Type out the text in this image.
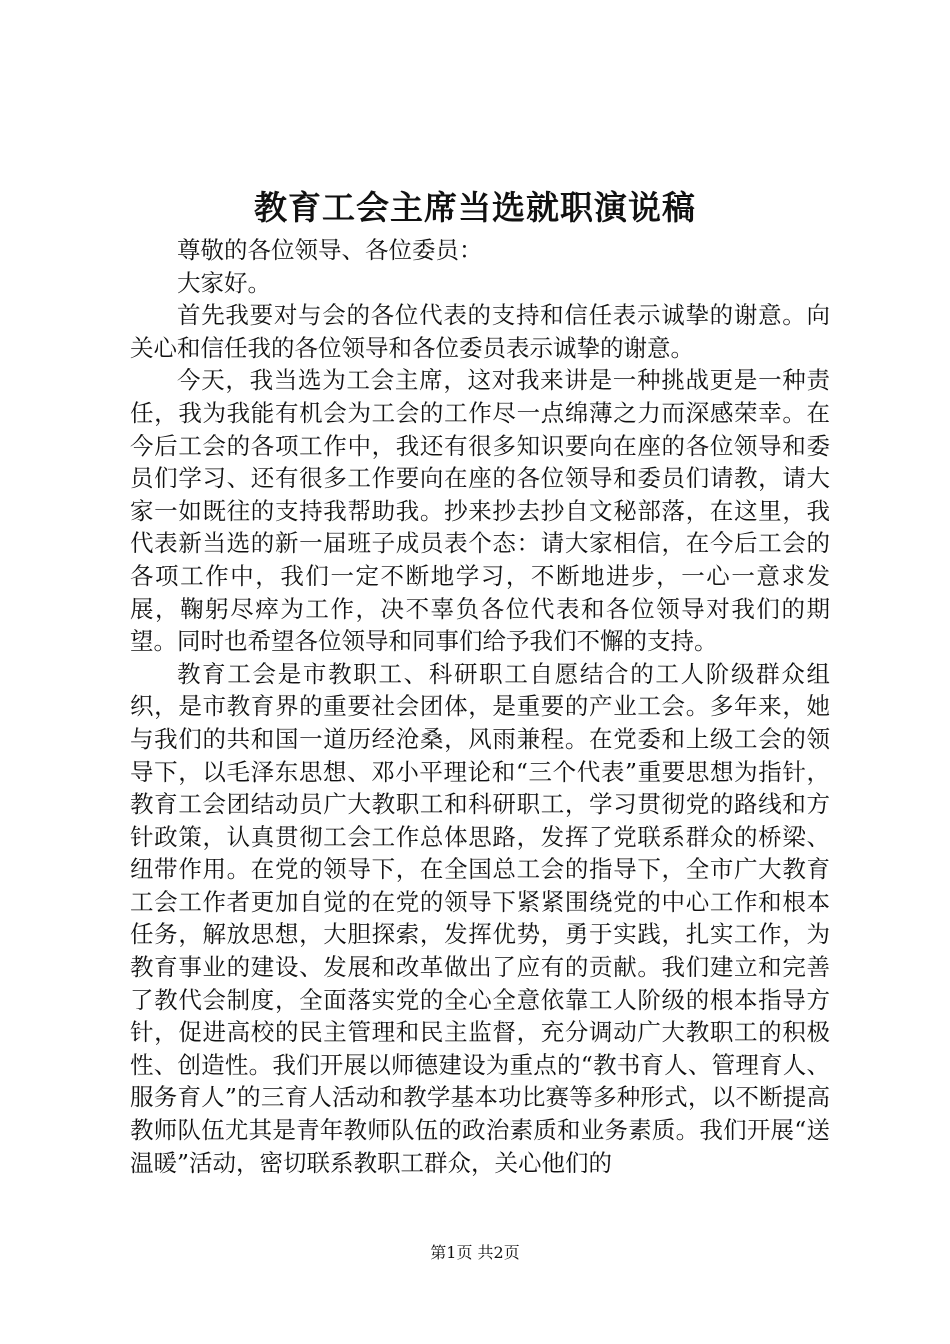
教育工会主席当选就职演说稿

尊敬的各位领导、各位委员：

大家好。

首先我要对与会的各位代表的支持和信任表示诚挚的谢意。向关心和信任我的各位领导和各位委员表示诚挚的谢意。

今天，我当选为工会主席，这对我来讲是一种挑战更是一种责任，我为我能有机会为工会的工作尽一点绵薄之力而深感荣幸。在今后工会的各项工作中，我还有很多知识要向在座的各位领导和委员们学习、还有很多工作要向在座的各位领导和委员们请教，请大家一如既往的支持我帮助我。抄来抄去抄自文秘部落，在这里，我代表新当选的新一届班子成员表个态：请大家相信，在今后工会的各项工作中，我们一定不断地学习，不断地进步，一心一意求发展，鞠躬尽瘁为工作，决不辜负各位代表和各位领导对我们的期望。同时也希望各位领导和同事们给予我们不懈的支持。

教育工会是市教职工、科研职工自愿结合的工人阶级群众组织，是市教育界的重要社会团体，是重要的产业工会。多年来，她与我们的共和国一道历经沧桑，风雨兼程。在党委和上级工会的领导下，以毛泽东思想、邓小平理论和“三个代表”重要思想为指针，教育工会团结动员广大教职工和科研职工，学习贯彻党的路线和方针政策，认真贯彻工会工作总体思路，发挥了党联系群众的桥梁、纽带作用。在党的领导下，在全国总工会的指导下，全市广大教育工会工作者更加自觉的在党的领导下紧紧围绕党的中心工作和根本任务，解放思想，大胆探索，发挥优势，勇于实践，扎实工作，为教育事业的建设、发展和改革做出了应有的贡献。我们建立和完善了教代会制度，全面落实党的全心全意依靠工人阶级的根本指导方针，促进高校的民主管理和民主监督，充分调动广大教职工的积极性、创造性。我们开展以师德建设为重点的“教书育人、管理育人、服务育人”的三育人活动和教学基本功比赛等多种形式，以不断提高教师队伍尤其是青年教师队伍的政治素质和业务素质。我们开展“送温暖”活动，密切联系教职工群众，关心他们的

第1页 共2页
